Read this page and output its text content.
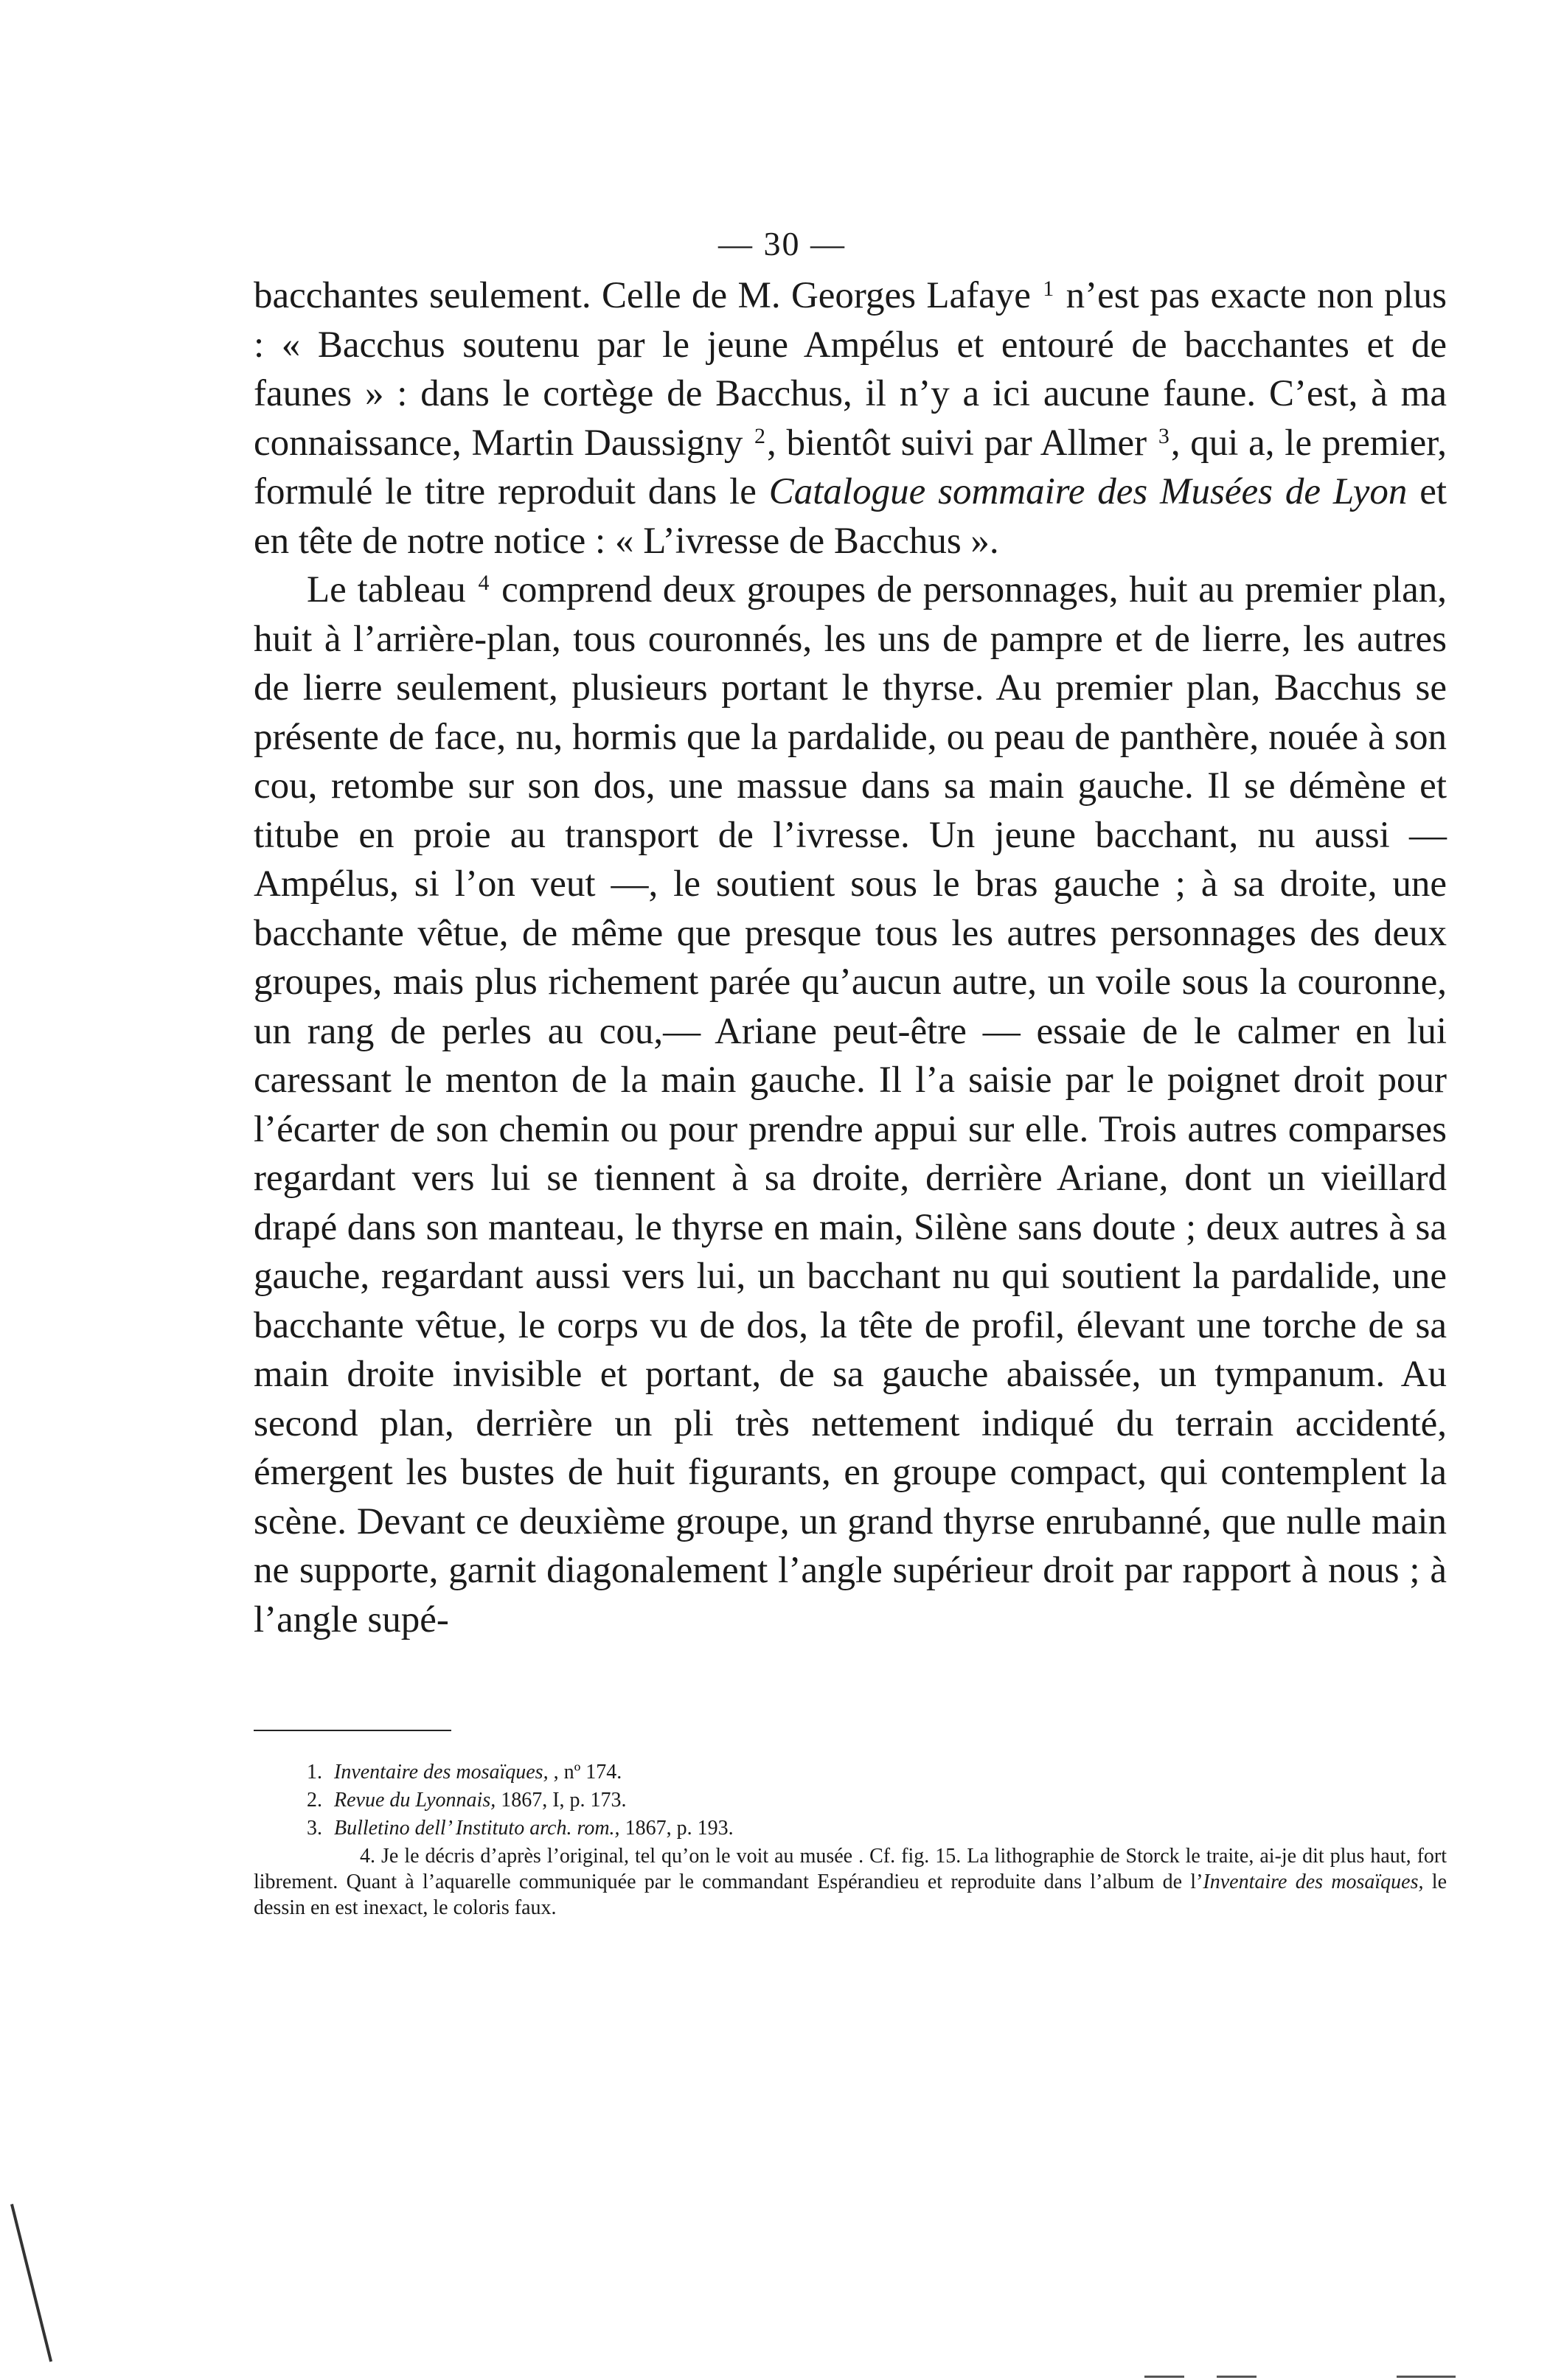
— 30 —

bacchantes seulement. Celle de M. Georges Lafaye $^1$ n’est pas exacte non plus : « Bacchus soutenu par le jeune Ampélus et entouré de bacchantes et de faunes » : dans le cortège de Bacchus, il n’y a ici aucune faune. C’est, à ma connaissance, Martin Daussigny $^2$, bientôt suivi par Allmer $^3$, qui a, le premier, formulé le titre reproduit dans le Catalogue sommaire des Musées de Lyon et en tête de notre notice : « L’ivresse de Bacchus ».

Le tableau $^4$ comprend deux groupes de personnages, huit au premier plan, huit à l’arrière-plan, tous couronnés, les uns de pampre et de lierre, les autres de lierre seulement, plusieurs portant le thyrse. Au premier plan, Bacchus se présente de face, nu, hormis que la pardalide, ou peau de panthère, nouée à son cou, retombe sur son dos, une massue dans sa main gauche. Il se démène et titube en proie au transport de l’ivresse. Un jeune bacchant, nu aussi — Ampélus, si l’on veut —, le soutient sous le bras gauche ; à sa droite, une bacchante vêtue, de même que presque tous les autres personnages des deux groupes, mais plus richement parée qu’aucun autre, un voile sous la couronne, un rang de perles au cou,— Ariane peut-être — essaie de le calmer en lui caressant le menton de la main gauche. Il l’a saisie par le poignet droit pour l’écarter de son chemin ou pour prendre appui sur elle. Trois autres comparses regardant vers lui se tiennent à sa droite, derrière Ariane, dont un vieillard drapé dans son manteau, le thyrse en main, Silène sans doute ; deux autres à sa gauche, regardant aussi vers lui, un bacchant nu qui soutient la pardalide, une bacchante vêtue, le corps vu de dos, la tête de profil, élevant une torche de sa main droite invisible et portant, de sa gauche abaissée, un tympanum. Au second plan, derrière un pli très nettement indiqué du terrain accidenté, émergent les bustes de huit figurants, en groupe compact, qui contemplent la scène. Devant ce deuxième groupe, un grand thyrse enrubanné, que nulle main ne supporte, garnit diagonalement l’angle supérieur droit par rapport à nous ; à l’angle supé-

1. Inventaire des mosaïques, , nº 174.

2. Revue du Lyonnais, 1867, I, p. 173.

3. Bulletino dell’ Instituto arch. rom., 1867, p. 193.

4. Je le décris d’après l’original, tel qu’on le voit au musée . Cf. fig. 15. La lithographie de Storck le traite, ai-je dit plus haut, fort librement. Quant à l’aquarelle communiquée par le commandant Espérandieu et reproduite dans l’album de l’Inventaire des mosaïques, le dessin en est inexact, le coloris faux.
